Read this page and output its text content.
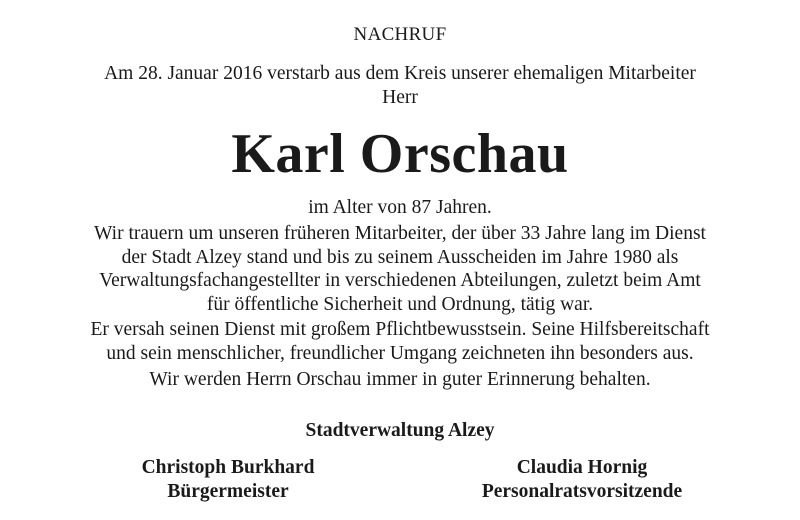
NACHRUF
Am 28. Januar 2016 verstarb aus dem Kreis unserer ehemaligen Mitarbeiter
Herr
Karl Orschau
im Alter von 87 Jahren.
Wir trauern um unseren früheren Mitarbeiter, der über 33 Jahre lang im Dienst
der Stadt Alzey stand und bis zu seinem Ausscheiden im Jahre 1980 als
Verwaltungsfachangestellter in verschiedenen Abteilungen, zuletzt beim Amt
für öffentliche Sicherheit und Ordnung, tätig war.
Er versah seinen Dienst mit großem Pflichtbewusstsein. Seine Hilfsbereitschaft
und sein menschlicher, freundlicher Umgang zeichneten ihn besonders aus.
Wir werden Herrn Orschau immer in guter Erinnerung behalten.
Stadtverwaltung Alzey
Christoph Burkhard
Bürgermeister
Claudia Hornig
Personalratsvorsitzende
